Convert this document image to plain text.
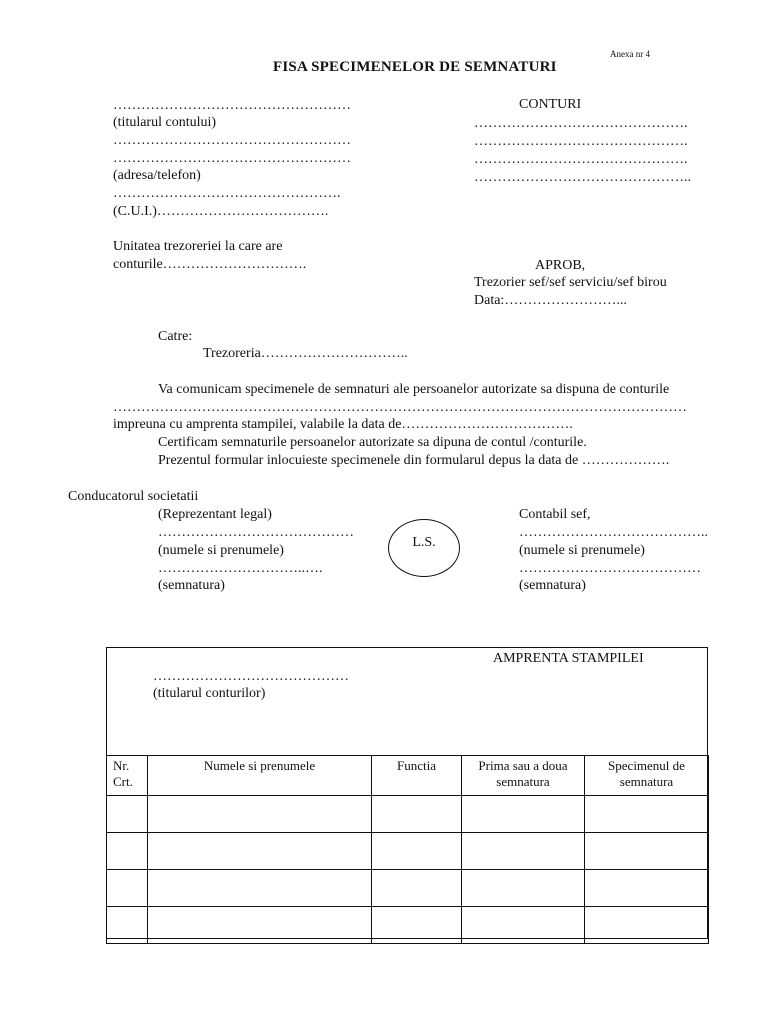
Anexa nr 4
FISA SPECIMENELOR DE SEMNATURI
……………………………………………
(titularul contului)
……………………………………………
……………………………………………
(adresa/telefon)
………………………………………….
(C.U.I.)……………………………….
Unitatea trezoreriei la care are
conturile………………………….
Catre:
Trezoreria…………………………..
CONTURI
……………………………………….
……………………………………….
……………………………………….
………………………………………..
APROB,
Trezorier sef/sef serviciu/sef birou
Data:……………………...
Va comunicam specimenele de semnaturi ale persoanelor autorizate sa dispuna de conturile
……………………………………………………………………………………………………………
impreuna cu amprenta stampilei, valabile la data de……………………………….
Certificam semnaturile persoanelor autorizate sa dipuna de contul /conturile.
Prezentul formular inlocuieste specimenele din formularul depus la data de ……………….
Conducatorul societatii
(Reprezentant legal)
……………………………………
(numele si prenumele)
…………………………..….
(semnatura)
L.S.
Contabil sef,
…………………………………..
(numele si prenumele)
…………………………………
(semnatura)
AMPRENTA STAMPILEI
……………………………………
(titularul conturilor)
Nr. Crt.	Numele si prenumele	Functia	Prima sau a doua semnatura	Specimenul de semnatura
